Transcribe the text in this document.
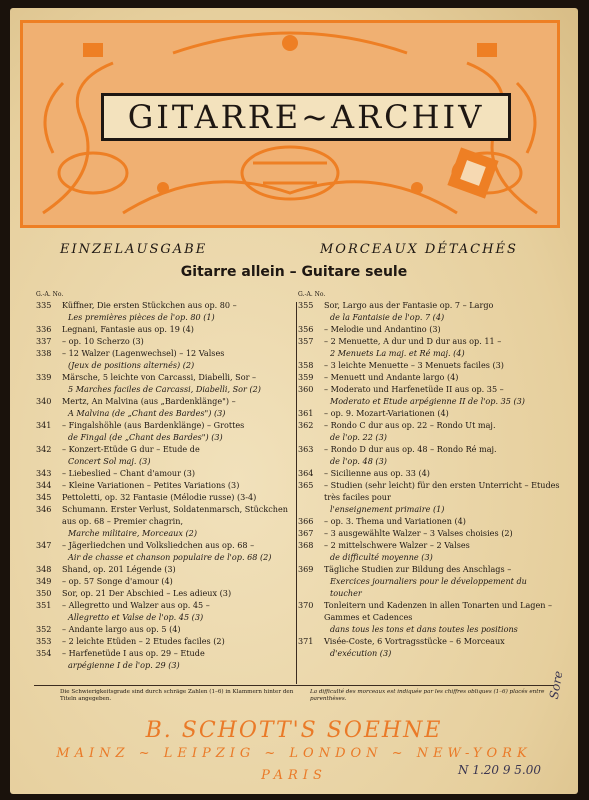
GITARRE~ARCHIV
EINZELAUSGABE	MORCEAUX DÉTACHÉS
Gitarre allein – Guitare seule
G.-A. No.
335	Küffner, Die ersten Stückchen aus op. 80 –
Les premières pièces de l'op. 80 (1)
336	Legnani, Fantasie aus op. 19 (4)
337	– op. 10 Scherzo (3)
338	– 12 Walzer (Lagenwechsel) – 12 Valses
(Jeux de positions alternés) (2)
339	Märsche, 5 leichte von Carcassi, Diabelli, Sor –
5 Marches faciles de Carcassi, Diabelli, Sor (2)
340	Mertz, An Malvina (aus „Bardenklänge") –
A Malvina (de „Chant des Bardes") (3)
341	– Fingalshöhle (aus Bardenklänge) – Grottes
de Fingal (de „Chant des Bardes") (3)
342	– Konzert-Etüde G dur – Etude de
Concert Sol maj. (3)
343	– Liebeslied – Chant d'amour (3)
344	– Kleine Variationen – Petites Variations (3)
345	Pettoletti, op. 32 Fantasie (Mélodie russe) (3-4)
346	Schumann. Erster Verlust, Soldatenmarsch, Stückchen aus op. 68 – Premier chagrin,
Marche militaire, Morceaux (2)
347	– Jägerliedchen und Volksliedchen aus op. 68 –
Air de chasse et chanson populaire de l'op. 68 (2)
348	Shand, op. 201 Légende (3)
349	– op. 57 Songe d'amour (4)
350	Sor, op. 21 Der Abschied – Les adieux (3)
351	– Allegretto und Walzer aus op. 45 –
Allegretto et Valse de l'op. 45 (3)
352	– Andante largo aus op. 5 (4)
353	– 2 leichte Etüden – 2 Etudes faciles (2)
354	– Harfenetüde I aus op. 29 – Etude
arpégienne I de l'op. 29 (3)
G.-A. No.
355	Sor, Largo aus der Fantasie op. 7 – Largo
de la Fantaisie de l'op. 7 (4)
356	– Melodie und Andantino (3)
357	– 2 Menuette, A dur und D dur aus op. 11 –
2 Menuets La maj. et Ré maj. (4)
358	– 3 leichte Menuette – 3 Menuets faciles (3)
359	– Menuett und Andante largo (4)
360	– Moderato und Harfenetüde II aus op. 35 –
Moderato et Etude arpégienne II de l'op. 35 (3)
361	– op. 9. Mozart-Variationen (4)
362	– Rondo C dur aus op. 22 – Rondo Ut maj.
de l'op. 22 (3)
363	– Rondo D dur aus op. 48 – Rondo Ré maj.
de l'op. 48 (3)
364	– Sicilienne aus op. 33 (4)
365	– Studien (sehr leicht) für den ersten Unterricht – Etudes très faciles pour
l'enseignement primaire (1)
366	– op. 3. Thema und Variationen (4)
367	– 3 ausgewählte Walzer – 3 Valses choisies (2)
368	– 2 mittelschwere Walzer – 2 Valses
de difficulté moyenne (3)
369	Tägliche Studien zur Bildung des Anschlags –
Exercices journaliers pour le développement du toucher
370	Tonleitern und Kadenzen in allen Tonarten und Lagen – Gammes et Cadences
dans tous les tons et dans toutes les positions
371	Visée-Coste, 6 Vortragsstücke – 6 Morceaux
d'exécution (3)
Die Schwierigkeitsgrade sind durch schräge Zahlen (1–6) in Klammern hinter den Titeln angegeben.
La difficulté des morceaux est indiquée par les chiffres obliques (1–6) placés entre parenthèses.
B. SCHOTT'S SOEHNE
MAINZ ~ LEIPZIG ~ LONDON ~ NEW-YORK
PARIS	N 1.20 9 5.00
Sore
